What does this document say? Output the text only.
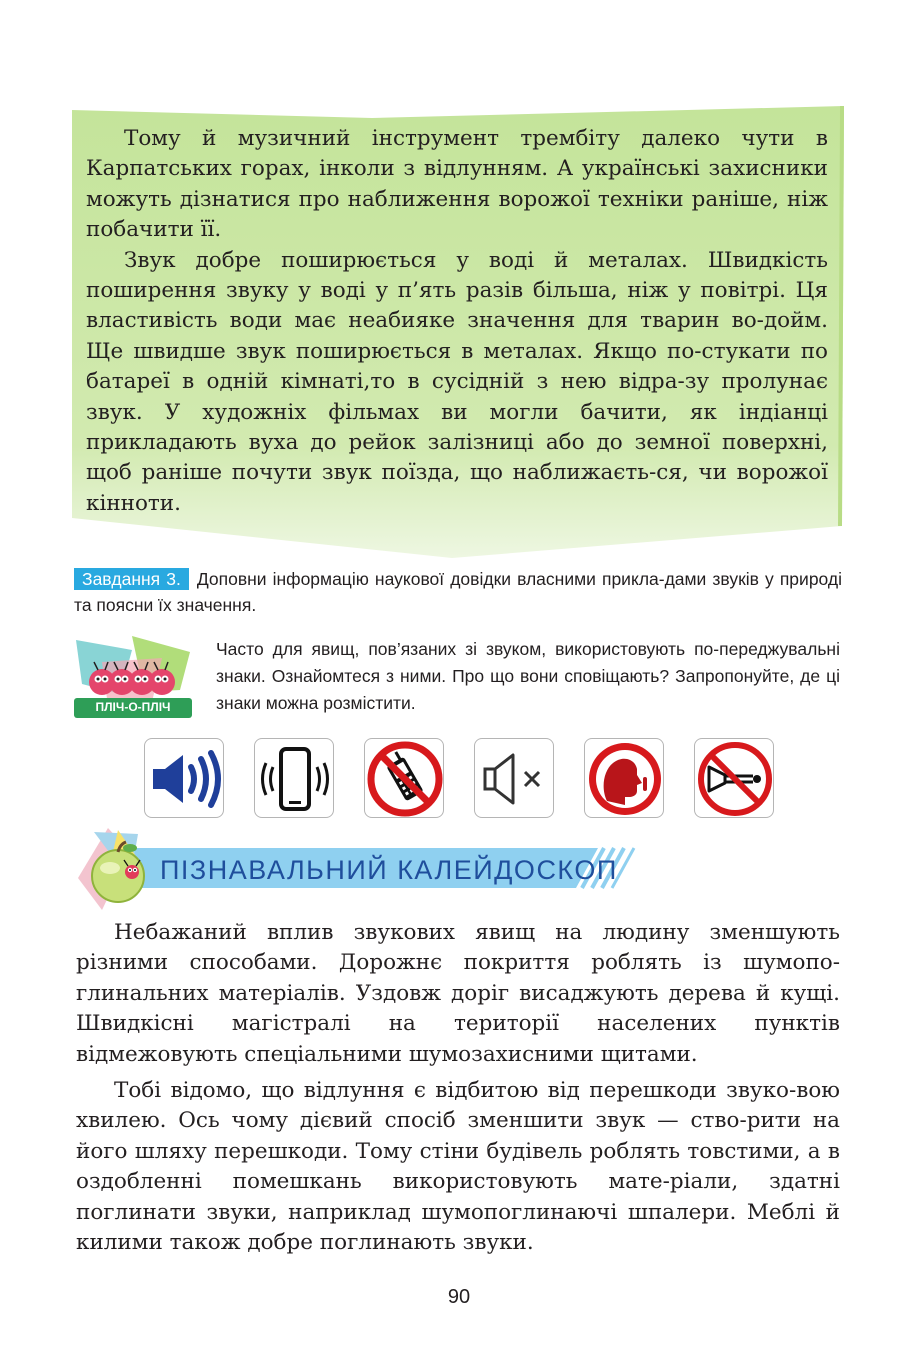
Тому й музичний інструмент трембіту далеко чути в Карпатських горах, інколи з відлунням. А українські захисники можуть дізнатися про наближення ворожої техніки раніше, ніж побачити її.

Звук добре поширюється у воді й металах. Швидкість поширення звуку у воді у п’ять разів більша, ніж у повітрі. Ця властивість води має неабияке значення для тварин во-дойм. Ще швидше звук поширюється в металах. Якщо по-стукати по батареї в одній кімнаті,то в сусідній з нею відра-зу пролунає звук. У художніх фільмах ви могли бачити, як індіанці прикладають вуха до рейок залізниці або до земної поверхні, щоб раніше почути звук поїзда, що наближаєть-ся, чи ворожої кінноти.

Завдання 3. Доповни інформацію наукової довідки власними прикла-дами звуків у природі та поясни їх значення.
ПЛІЧ-О-ПЛІЧ
Часто для явищ, пов’язаних зі звуком, використовують по-переджувальні знаки. Ознайомтеся з ними. Про що вони сповіщають? Запропонуйте, де ці знаки можна розмістити.
ПІЗНАВАЛЬНИЙ КАЛЕЙДОСКОП

Небажаний вплив звукових явищ на людину зменшують різними способами. Дорожнє покриття роблять із шумопо-глинальних матеріалів. Уздовж доріг висаджують дерева й кущі. Швидкісні магістралі на території населених пунктів відмежовують спеціальними шумозахисними щитами.

Тобі відомо, що відлуння є відбитою від перешкоди звуко-вою хвилею. Ось чому дієвий спосіб зменшити звук — ство-рити на його шляху перешкоди. Тому стіни будівель роблять товстими, а в оздобленні помешкань використовують мате-ріали, здатні поглинати звуки, наприклад шумопоглинаючі шпалери. Меблі й килими також добре поглинають звуки.

90
